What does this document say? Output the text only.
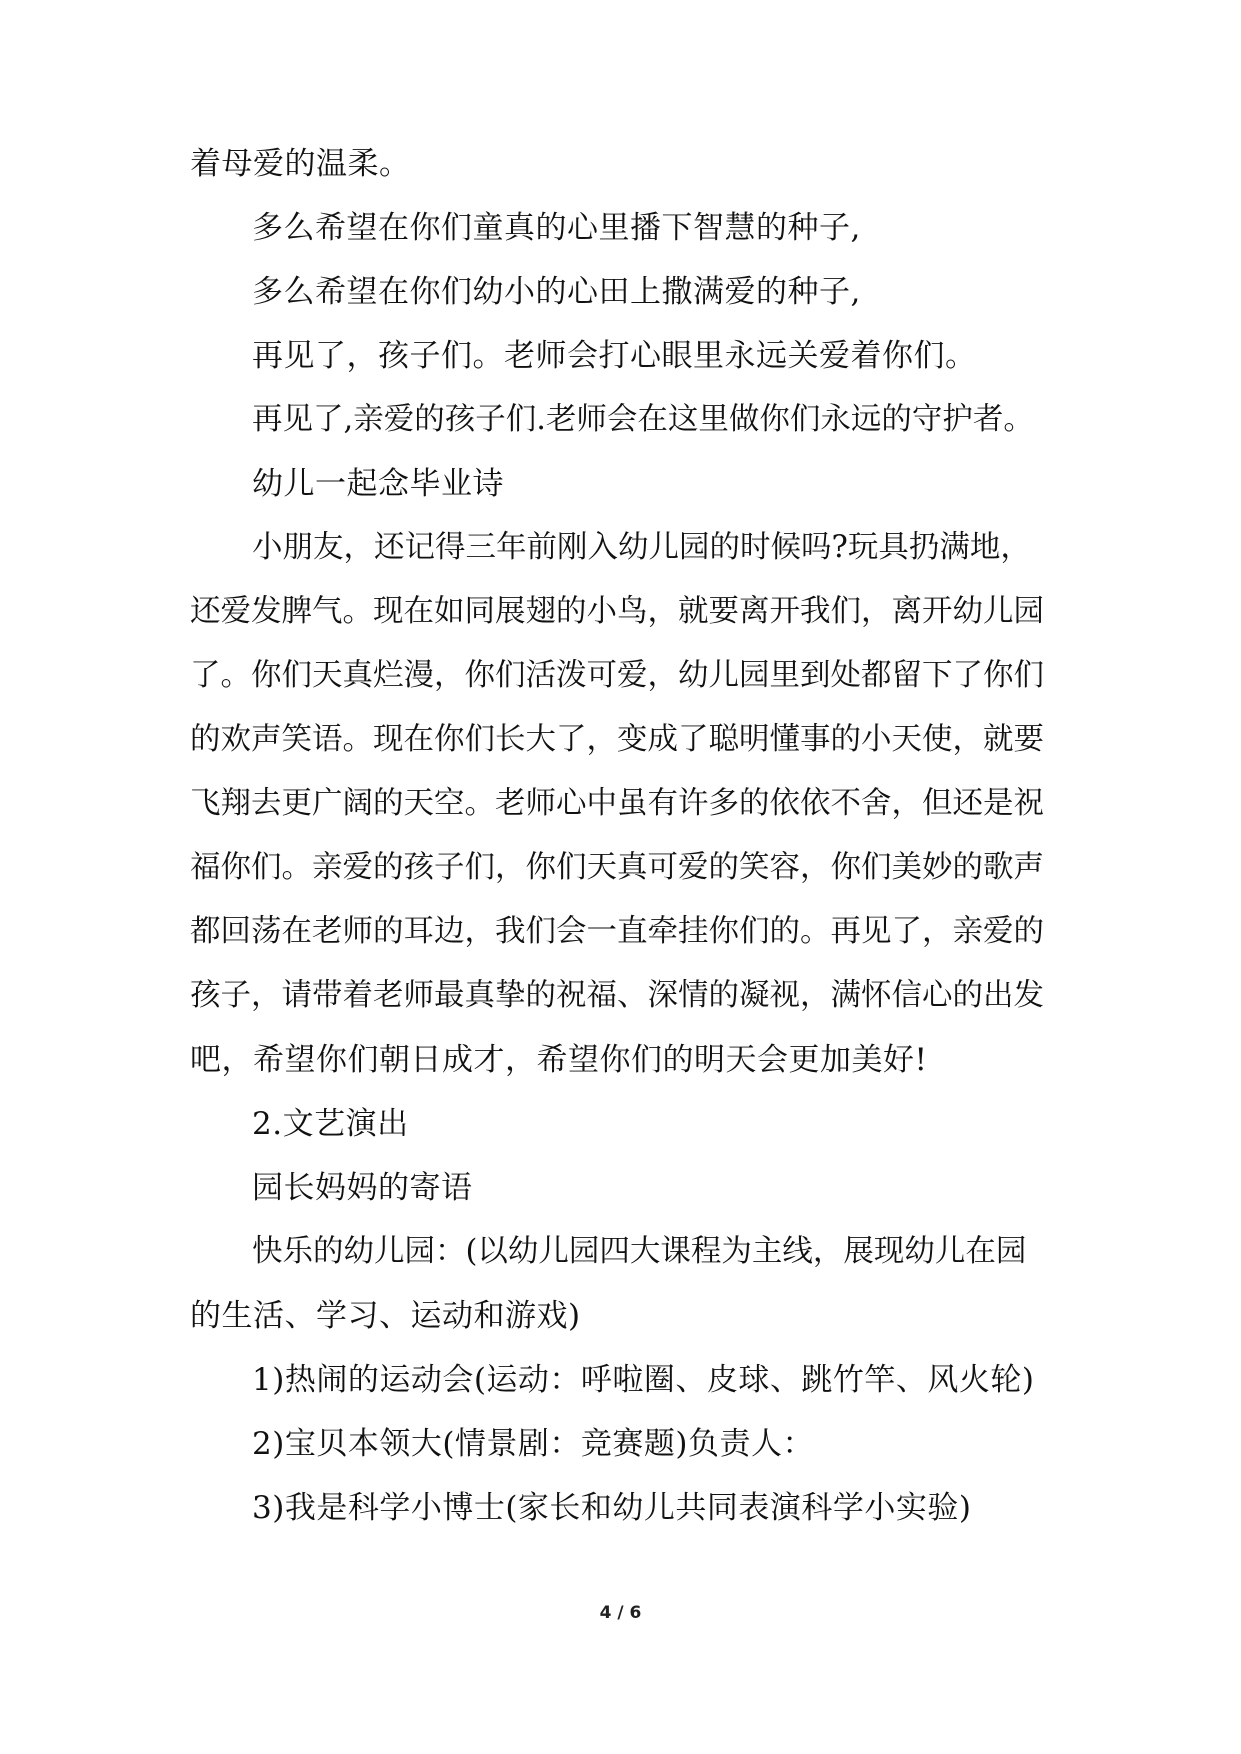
着母爱的温柔。
多么希望在你们童真的心里播下智慧的种子,
多么希望在你们幼小的心田上撒满爱的种子,
再见了，孩子们。老师会打心眼里永远关爱着你们。
再见了,亲爱的孩子们.老师会在这里做你们永远的守护者。
幼儿一起念毕业诗
小朋友，还记得三年前刚入幼儿园的时候吗?玩具扔满地，
还爱发脾气。现在如同展翅的小鸟，就要离开我们，离开幼儿园
了。你们天真烂漫，你们活泼可爱，幼儿园里到处都留下了你们
的欢声笑语。现在你们长大了，变成了聪明懂事的小天使，就要
飞翔去更广阔的天空。老师心中虽有许多的依依不舍，但还是祝
福你们。亲爱的孩子们，你们天真可爱的笑容，你们美妙的歌声
都回荡在老师的耳边，我们会一直牵挂你们的。再见了，亲爱的
孩子，请带着老师最真挚的祝福、深情的凝视，满怀信心的出发
吧，希望你们朝日成才，希望你们的明天会更加美好!
2.文艺演出
园长妈妈的寄语
快乐的幼儿园：(以幼儿园四大课程为主线，展现幼儿在园
的生活、学习、运动和游戏)
1)热闹的运动会(运动：呼啦圈、皮球、跳竹竿、风火轮)
2)宝贝本领大(情景剧：竞赛题)负责人：
3)我是科学小博士(家长和幼儿共同表演科学小实验)
4 / 6
